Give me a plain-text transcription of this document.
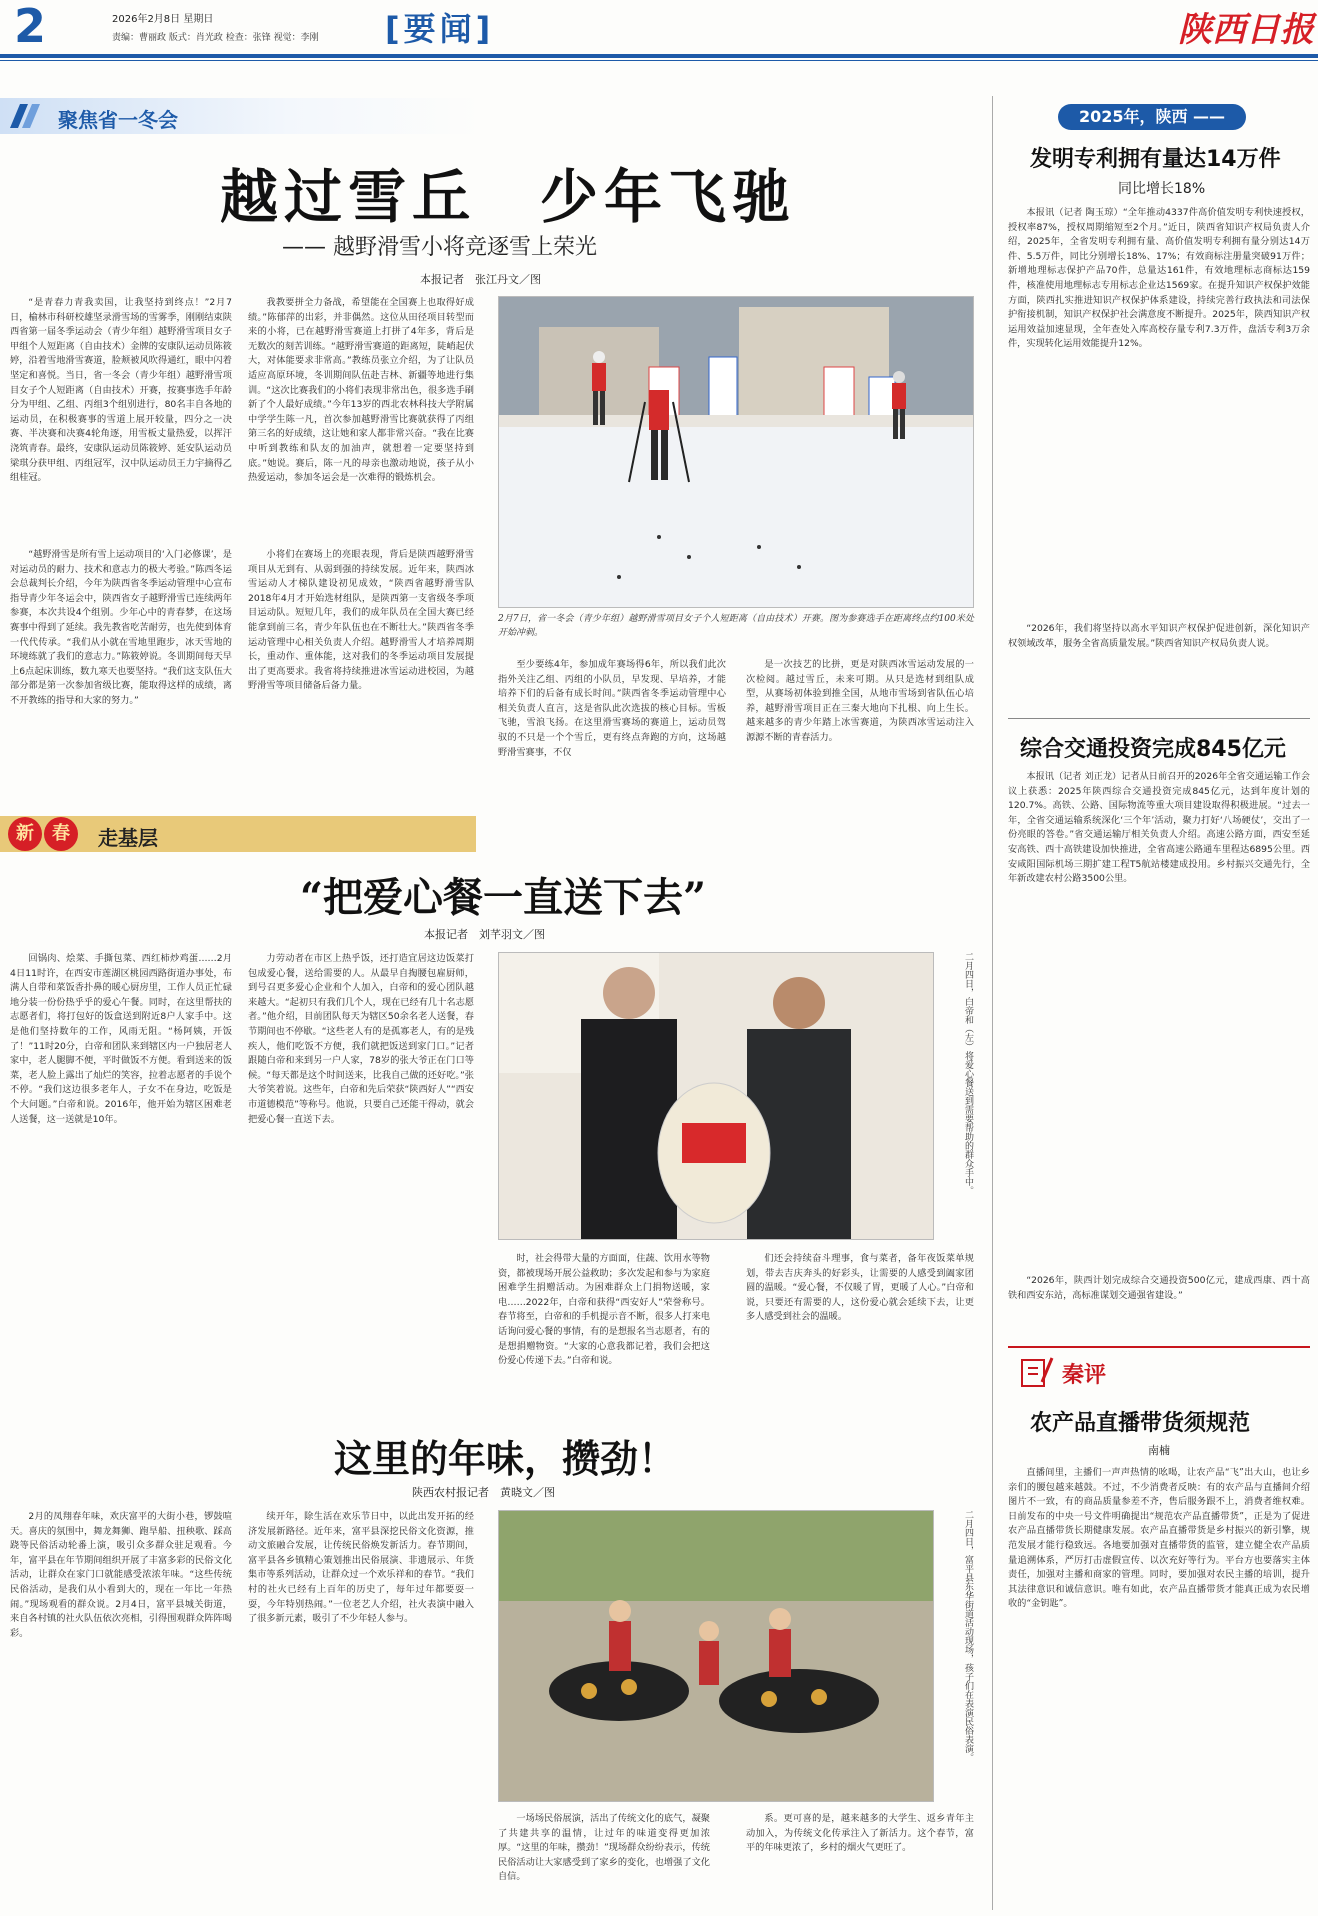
2	2026年2月8日 星期日
责编：曹丽政 版式：肖光政 检查：张锋 视觉：李刚 [要闻]	陕西日报
聚焦省一冬会
越过雪丘　少年飞驰
—— 越野滑雪小将竞逐雪上荣光
本报记者　张江丹文／图
“是青春力青我卖国，让我坚持到终点！”2月7日，榆林市科研校雄坚录滑雪场的雪雾季，刚刚结束陕西省第一届冬季运动会（青少年组）越野滑雪项目女子甲组个人短距离（自由技术）金牌的安康队运动员陈筱婷，沿着雪地滑雪赛道，脸颊被风吹得通红，眼中闪着坚定和喜悦。当日，省一冬会（青少年组）越野滑雪项目女子个人短距离（自由技术）开赛，按赛事选手年龄分为甲组、乙组、丙组3个组别进行，80名丰自各地的运动员，在积极赛事的雪道上展开较量，四分之一决赛、半决赛和决赛4轮角逐，用雪板丈量热爱，以挥汗浇筑青春。最终，安康队运动员陈筱婷、延安队运动员梁琪分获甲组、丙组冠军，汉中队运动员王力宇摘得乙组桂冠。
“越野滑雪是所有雪上运动项目的‘入门必修课’，是对运动员的耐力、技术和意志力的极大考验。”陈西冬运会总裁判长介绍，今年为陕西省冬季运动管理中心宣布指导青少年冬运会中，陕西省女子越野滑雪已连续两年参赛，本次共设4个组别。少年心中的青春梦，在这场赛事中得到了延续。我先教省吃苦耐劳，也先使到体育一代代传承。“我们从小就在雪地里跑步，冰天雪地的环境练就了我们的意志力。”陈筱婷说。冬训期间每天早上6点起床训练，数九寒天也要坚持。“我们这支队伍大部分都是第一次参加省级比赛，能取得这样的成绩，离不开教练的指导和大家的努力。”
我教要拼全力备战，希望能在全国赛上也取得好成绩。”陈郁萍的出彩，并非偶然。这位从田径项目转型而来的小将，已在越野滑雪赛道上打拼了4年多，背后是无数次的刻苦训练。“越野滑雪赛道的距离短，陡峭起伏大，对体能要求非常高。”教练员张立介绍，为了让队员适应高原环境，冬训期间队伍赴吉林、新疆等地进行集训。“这次比赛我们的小将们表现非常出色，很多选手刷新了个人最好成绩。”今年13岁的西北农林科技大学附属中学学生陈一凡，首次参加越野滑雪比赛就获得了丙组第三名的好成绩，这让她和家人都非常兴奋。“我在比赛中听到教练和队友的加油声，就想着一定要坚持到底。”她说。赛后，陈一凡的母亲也激动地说，孩子从小热爱运动，参加冬运会是一次难得的锻炼机会。
小将们在赛场上的亮眼表现，背后是陕西越野滑雪项目从无到有、从弱到强的持续发展。近年来，陕西冰雪运动人才梯队建设初见成效，“陕西省越野滑雪队2018年4月才开始选材组队，是陕西第一支省级冬季项目运动队。短短几年，我们的成年队员在全国大赛已经能拿到前三名，青少年队伍也在不断壮大。”陕西省冬季运动管理中心相关负责人介绍。越野滑雪人才培养周期长，重动作、重体能，这对我们的冬季运动项目发展提出了更高要求。我省将持续推进冰雪运动进校园，为越野滑雪等项目储备后备力量。
2月7日，省一冬会（青少年组）越野滑雪项目女子个人短距离（自由技术）开赛。图为参赛选手在距离终点约100米处开始冲刺。
至少要练4年，参加成年赛场得6年，所以我们此次指外关注乙组、丙组的小队员，早发现、早培养，才能培养下们的后备有成长时间。”陕西省冬季运动管理中心相关负责人直言，这是省队此次选拔的核心目标。雪板飞驰，雪浪飞扬。在这里滑雪赛场的赛道上，运动员驾驭的不只是一个个雪丘，更有终点奔跑的方向，这场越野滑雪赛事，不仅
是一次技艺的比拼，更是对陕西冰雪运动发展的一次检阅。越过雪丘，未来可期。从只是选材到组队成型，从赛场初体验到推全国，从地市雪场到省队伍心培养，越野滑雪项目正在三秦大地向下扎根、向上生长。越来越多的青少年踏上冰雪赛道，为陕西冰雪运动注入源源不断的青春活力。
新	春	走基层
“把爱心餐一直送下去”
本报记者　刘芊羽文／图
回锅肉、烩菜、手撕包菜、西红柿炒鸡蛋……2月4日11时许，在西安市莲湖区桃园西路街道办事处，布满人自带和菜饭香扑鼻的暖心厨房里，工作人员正忙碌地分装一份份热乎乎的爱心午餐。同时，在这里帮扶的志愿者们，将打包好的饭盒送到附近8户人家手中。这是他们坚持数年的工作，风雨无阻。“杨阿姨，开饭了！”11时20分，白帝和团队来到辖区内一户独居老人家中，老人腿脚不便，平时做饭不方便。看到送来的饭菜，老人脸上露出了灿烂的笑容，拉着志愿者的手说个不停。“我们这边很多老年人，子女不在身边，吃饭是个大问题。”白帝和说。2016年，他开始为辖区困难老人送餐，这一送就是10年。
力劳动者在市区上热乎饭，还打造宜居这边饭菜打包成爱心餐，送给需要的人。从最早自掏腰包雇厨师，到号召更多爱心企业和个人加入，白帝和的爱心团队越来越大。“起初只有我们几个人，现在已经有几十名志愿者。”他介绍，目前团队每天为辖区50余名老人送餐，春节期间也不停歇。“这些老人有的是孤寡老人，有的是残疾人，他们吃饭不方便，我们就把饭送到家门口。”记者跟随白帝和来到另一户人家，78岁的张大爷正在门口等候。“每天都是这个时间送来，比我自己做的还好吃。”张大爷笑着说。这些年，白帝和先后荣获“陕西好人”“西安市道德模范”等称号。他说，只要自己还能干得动，就会把爱心餐一直送下去。	二月四日，白帝和（左）将爱心餐送到需要帮助的群众手中。
时，社会得带大量的方面面，住蔬、饮用水等物资，都被现场开展公益救助；多次发起和参与为家庭困难学生捐赠活动。为困难群众上门捐物送暖，家电……2022年，白帝和获得“西安好人”荣誉称号。春节将至，白帝和的手机提示音不断，很多人打来电话询问爱心餐的事情，有的是想报名当志愿者，有的是想捐赠物资。“大家的心意我都记着，我们会把这份爱心传递下去。”白帝和说。
们还会持续奋斗理事，食与菜者，备年夜饭菜单规划，带去吉庆奔头的好彩头，让需要的人感受到阖家团圆的温暖。“爱心餐，不仅暖了胃，更暖了人心。”白帝和说，只要还有需要的人，这份爱心就会延续下去，让更多人感受到社会的温暖。
这里的年味，攒劲！
陕西农村报记者　黄晓文／图
2月的凤翔春年味，欢庆富平的大街小巷，锣鼓喧天。喜庆的氛围中，舞龙舞狮、跑旱船、扭秧歌、踩高跷等民俗活动轮番上演，吸引众多群众驻足观看。今年，富平县在年节期间组织开展了丰富多彩的民俗文化活动，让群众在家门口就能感受浓浓年味。“这些传统民俗活动，是我们从小看到大的，现在一年比一年热闹。”现场观看的群众说。2月4日，富平县城关街道，来自各村镇的社火队伍依次亮相，引得围观群众阵阵喝彩。
续开年，除生活在欢乐节日中，以此出发开拓的经济发展新路径。近年来，富平县深挖民俗文化资源，推动文旅融合发展，让传统民俗焕发新活力。春节期间，富平县各乡镇精心策划推出民俗展演、非遗展示、年货集市等系列活动，让群众过一个欢乐祥和的春节。“我们村的社火已经有上百年的历史了，每年过年都要耍一耍，今年特别热闹。”一位老艺人介绍，社火表演中融入了很多新元素，吸引了不少年轻人参与。	二月四日，富平县东华街道活动现场，孩子们在表演民俗表演。
一场场民俗展演，活出了传统文化的底气，凝聚了共建共享的温情，让过年的味道变得更加浓厚。“这里的年味，攒劲！”现场群众纷纷表示，传统民俗活动让大家感受到了家乡的变化，也增强了文化自信。
系。更可喜的是，越来越多的大学生、返乡青年主动加入，为传统文化传承注入了新活力。这个春节，富平的年味更浓了，乡村的烟火气更旺了。
2025年，陕西 ——
发明专利拥有量达14万件
同比增长18%
本报讯（记者 陶玉琼）“全年推动4337件高价值发明专利快速授权，授权率87%，授权周期缩短至2个月。”近日，陕西省知识产权局负责人介绍，2025年，全省发明专利拥有量、高价值发明专利拥有量分别达14万件、5.5万件，同比分别增长18%、17%；有效商标注册量突破91万件；新增地理标志保护产品70件，总量达161件，有效地理标志商标达159件，核准使用地理标志专用标志企业达1569家。在提升知识产权保护效能方面，陕西扎实推进知识产权保护体系建设，持续完善行政执法和司法保护衔接机制，知识产权保护社会满意度不断提升。2025年，陕西知识产权运用效益加速显现，全年查处入库高校存量专利7.3万件，盘活专利3万余件，实现转化运用效能提升12%。
“2026年，我们将坚持以高水平知识产权保护促进创新，深化知识产权领域改革，服务全省高质量发展。”陕西省知识产权局负责人说。
综合交通投资完成845亿元
本报讯（记者 刘正龙）记者从日前召开的2026年全省交通运输工作会议上获悉：2025年陕西综合交通投资完成845亿元，达到年度计划的120.7%。高铁、公路、国际物流等重大项目建设取得积极进展。“过去一年，全省交通运输系统深化‘三个年’活动，聚力打好‘八场硬仗’，交出了一份亮眼的答卷。”省交通运输厅相关负责人介绍。高速公路方面，西安至延安高铁、西十高铁建设加快推进，全省高速公路通车里程达6895公里。西安咸阳国际机场三期扩建工程T5航站楼建成投用。乡村振兴交通先行，全年新改建农村公路3500公里。
“2026年，陕西计划完成综合交通投资500亿元，建成西康、西十高铁和西安东站，高标准谋划交通强省建设。”
秦评
农产品直播带货须规范
南楠
直播间里，主播们一声声热情的吆喝，让农产品“飞”出大山，也让乡亲们的腰包越来越鼓。不过，不少消费者反映：有的农产品与直播间介绍图片不一致，有的商品质量参差不齐，售后服务跟不上，消费者维权难。日前发布的中央一号文件明确提出“规范农产品直播带货”，正是为了促进农产品直播带货长期健康发展。农产品直播带货是乡村振兴的新引擎，规范发展才能行稳致远。各地要加强对直播带货的监管，建立健全农产品质量追溯体系，严厉打击虚假宣传、以次充好等行为。平台方也要落实主体责任，加强对主播和商家的管理。同时，要加强对农民主播的培训，提升其法律意识和诚信意识。唯有如此，农产品直播带货才能真正成为农民增收的“金钥匙”。
